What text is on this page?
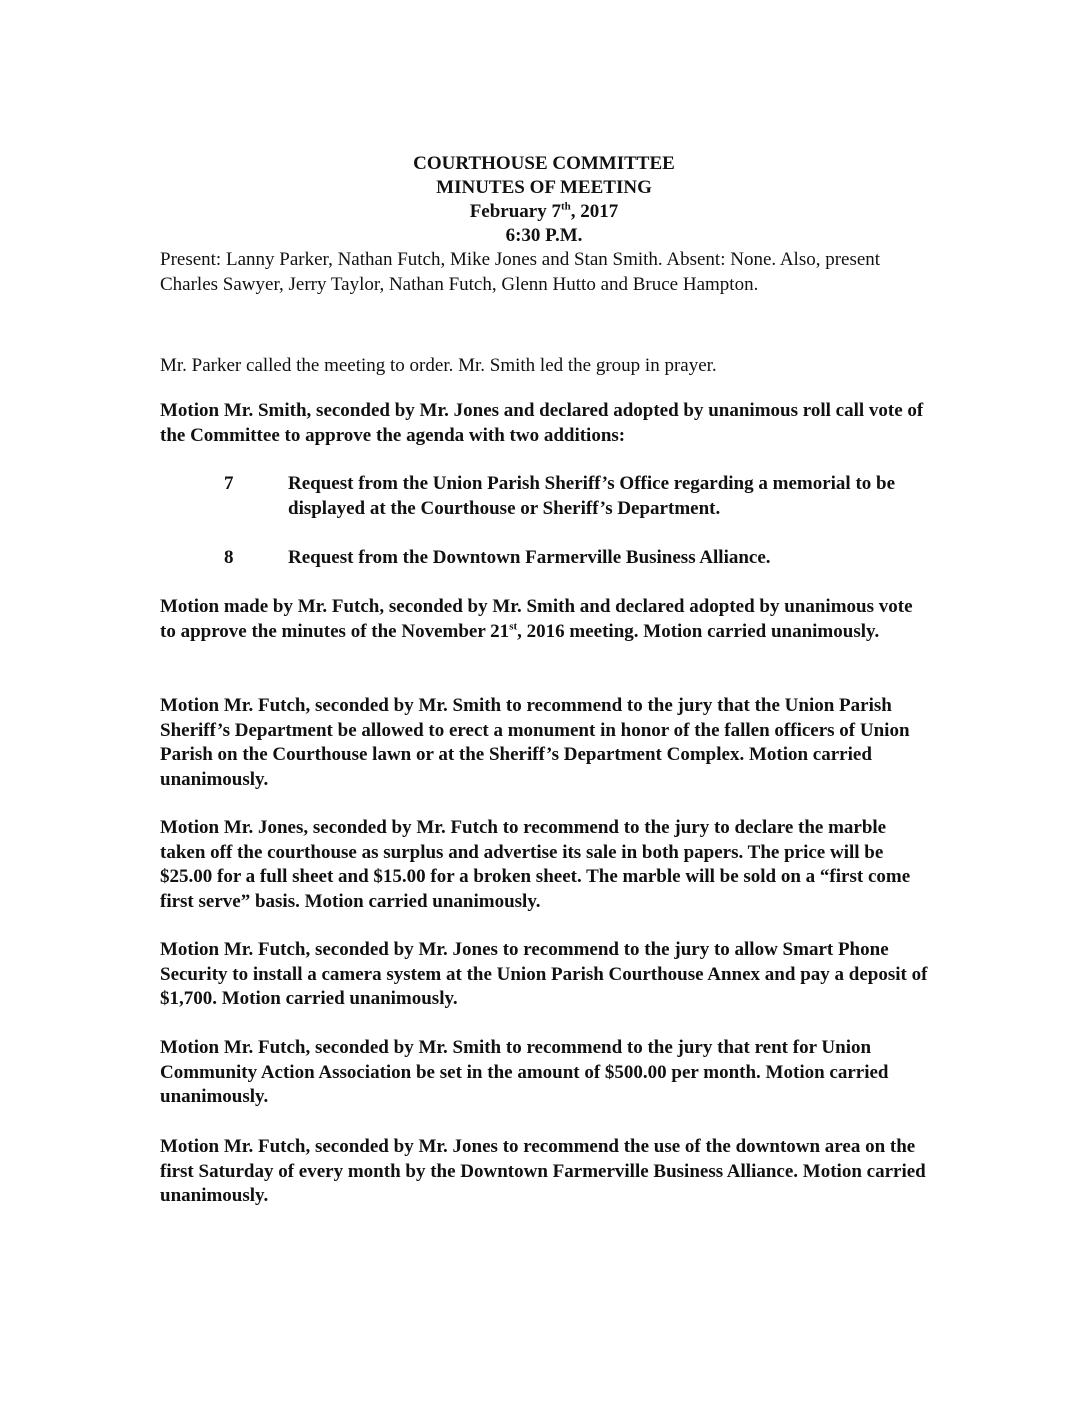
COURTHOUSE COMMITTEE
MINUTES OF MEETING
February 7th, 2017
6:30 P.M.
Present: Lanny Parker, Nathan Futch, Mike Jones and Stan Smith. Absent: None. Also, present Charles Sawyer, Jerry Taylor, Nathan Futch, Glenn Hutto and Bruce Hampton.
Mr. Parker called the meeting to order. Mr. Smith led the group in prayer.
Motion Mr. Smith, seconded by Mr. Jones and declared adopted by unanimous roll call vote of the Committee to approve the agenda with two additions:
7	Request from the Union Parish Sheriff’s Office regarding a memorial to be displayed at the Courthouse or Sheriff’s Department.
8	Request from the Downtown Farmerville Business Alliance.
Motion made by Mr. Futch, seconded by Mr. Smith and declared adopted by unanimous vote to approve the minutes of the November 21st, 2016 meeting. Motion carried unanimously.
Motion Mr. Futch, seconded by Mr. Smith to recommend to the jury that the Union Parish Sheriff’s Department be allowed to erect a monument in honor of the fallen officers of Union Parish on the Courthouse lawn or at the Sheriff’s Department Complex. Motion carried unanimously.
Motion Mr. Jones, seconded by Mr. Futch to recommend to the jury to declare the marble taken off the courthouse as surplus and advertise its sale in both papers. The price will be $25.00 for a full sheet and $15.00 for a broken sheet. The marble will be sold on a “first come first serve” basis. Motion carried unanimously.
Motion Mr. Futch, seconded by Mr. Jones to recommend to the jury to allow Smart Phone Security to install a camera system at the Union Parish Courthouse Annex and pay a deposit of $1,700. Motion carried unanimously.
Motion Mr. Futch, seconded by Mr. Smith to recommend to the jury that rent for Union Community Action Association be set in the amount of $500.00 per month. Motion carried unanimously.
Motion Mr. Futch, seconded by Mr. Jones to recommend the use of the downtown area on the first Saturday of every month by the Downtown Farmerville Business Alliance. Motion carried unanimously.
